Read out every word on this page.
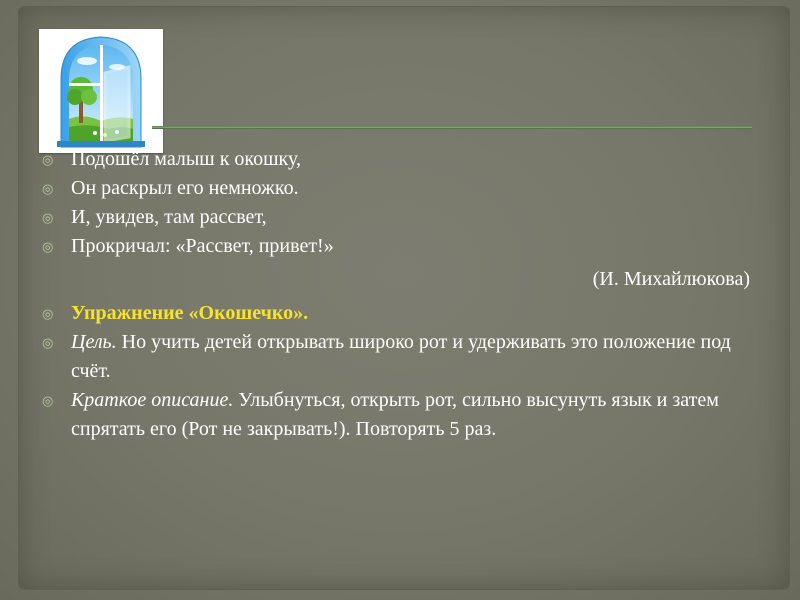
◎ Подошёл малыш к окошку,
◎ Он раскрыл его немножко.
◎ И, увидев, там рассвет,
◎ Прокричал: «Рассвет, привет!»
(И. Михайлюкова)
◎ Упражнение «Окошечко».
◎ Цель. Но учить детей открывать широко рот и удерживать это положение под счёт.
◎ Краткое описание. Улыбнуться, открыть рот, сильно высунуть язык и затем спрятать его (Рот не закрывать!). Повторять 5 раз.
